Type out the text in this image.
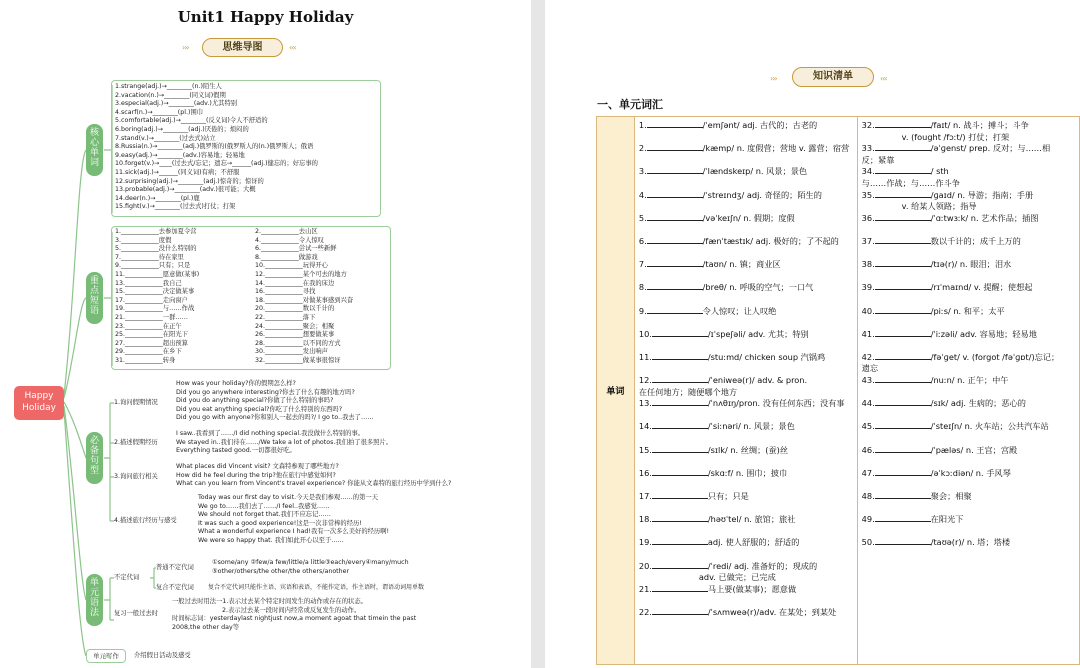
Unit1 Happy Holiday
›››	思维导图	‹‹‹
Happy Holiday
核心单词
重点短语
必备句型
单元语法
单元写作
1.strange(adj.)→________(n.)陌生人
2.vacation(n.)→________(同义词)假期
3.especial(adj.)→________(adv.)尤其特别
4.scarf(n.)→________(pl.)围巾
5.comfortable(adj.)→________(反义词)令人不舒适的
6.boring(adj.)→________(adj.)厌倦的；烦闷的
7.stand(v.)→________(过去式)站立
8.Russia(n.)→________(adj.)俄罗斯的(俄罗斯人的(n.)俄罗斯人；俄语
9.easy(adj.)→________(adv.)容易地；轻易地
10.forget(v.)→____(过去式/忘记；遗忘→______(adj.)健忘的；好忘事的
11.sick(adj.)→______(同义词)有病；不舒服
12.surprising(adj.)→________(adj.)惊奇的；惊讶的
13.probable(adj.)→________(adv.)很可能；大概
14.deer(n.)→________(pl.)鹿
15.fight(v.)→________(过去式)打仗；打架
1.____________去参加夏令营
3.____________度假
5.____________没什么特别的
7.____________待在家里
9.____________只有；只是
11.____________愿意做(某事)
13.____________我自己
15.____________决定做某事
17.____________走向窗户
19.____________与……作战
21.____________一群……
23.____________在正午
25.____________在阳光下
27.____________超出预算
29.____________在乡下
31.____________转身
2.____________去山区
4.____________令人惊叹
6.____________尝试一些新鲜
8.____________做游戏
10.____________玩得开心
12.____________某个可去的地方
14.____________在我的床边
16.____________寻找
18.____________对做某事感到兴奋
20.____________数以千计的
22.____________落下
24.____________聚会；相聚
26.____________想要做某事
28.____________以不同的方式
30.____________发出响声
32.____________做某事很惊讶
1.询问假期情况
How was your holiday?你的假期怎么样?
Did you go anywhere interesting?你去了什么有趣的地方吗?
Did you do anything special?你做了什么特别的事吗?
Did you eat anything special?你吃了什么特别的东西吗?
Did you go with anyone?你和别人一起去的吗?/ I go to..我去了……
2.描述假期经历
I saw..我看到了……/I did nothing special.我没做什么特别的事。
We stayed in..我们待在……/We take a lot of photos.我们拍了很多照片。
Everything tasted good.一切都很好吃。
3.询问旅行相关
What places did Vincent visit? 文森特参观了哪些地方?
How did he feel during the trip?他在旅行中感觉如何?
What can you learn from Vincent's travel experience? 你能从文森特的旅行经历中学到什么?
4.描述旅行经历与感受
Today was our first day to visit.今天是我们参观……的第一天
We go to……我们去了……/I feel..我感觉……
We should not forget that.我们不应忘记……
It was such a good experience!这是一次非常棒的经历!
What a wonderful experience I had!我有一次多么美好的经历啊!
We were so happy that. 我们如此开心以至于……
不定代词
普通不定代词
①some/any ②few/a few/little/a little③each/every④many/much
⑤other/others/the other/the others/another
复合不定代词 复合不定代词只能作主语、宾语和表语，不能作定语，作主语时，谓语动词用单数
复习一般过去时
一般过去时用法一1.表示过去某个特定时间发生的动作或存在的状态。
2.表示过去某一段时间内经常或反复发生的动作。
时间标志词：yesterdaylast nightjust now,a moment agoat that timein the past
2008,the other day等
介绍假日活动及感受
›››	知识清单	‹‹‹
一、单元词汇
单词	
1.	/ˈemʃənt/ adj. 古代的；古老的
2.	/kæmp/ n. 度假营；营地 v. 露营；宿营
3.	/ˈlændskeɪp/ n. 风景；景色
4.	/ˈstreɪndʒ/ adj. 奇怪的；陌生的
5.	/vəˈkeɪʃn/ n. 假期；度假
6.	/fænˈtæstɪk/ adj. 极好的；了不起的
7.	/taʊn/ n. 镇；商业区
8.	/breθ/ n. 呼吸的空气；一口气
9.	令人惊叹；让人叹绝
10.	/ɪˈspeʃəli/ adv. 尤其；特别
11.	/stuːmd/ chicken soup 汽锅鸡
12.	/ˈeniweə(r)/ adv. & pron.
在任何地方；随便哪个地方
13.	/ˈnʌθɪŋ/pron. 没有任何东西；没有事
14.	/ˈsiːnəri/ n. 风景；景色
15.	/sɪlk/ n. 丝绸；(蚕)丝
16.	/skɑːf/ n. 围巾；披巾
17.	只有；只是
18.	/həʊˈtel/ n. 旅馆；旅社
19.	adj. 使人舒服的；舒适的
20.	/ˈredi/ adj. 准备好的；现成的
adv. 已做完；已完成
21.	马上要(做某事)；愿意做
22.	/ˈsʌmweə(r)/adv. 在某处；到某处

32.	/faɪt/ n. 战斗；搏斗；斗争
v. (fought /fɔːt/) 打仗；打架
33.	/əˈɡenst/ prep. 反对；与……相
反；紧靠
34.	/ sth
与……作战；与……作斗争
35.	/ɡaɪd/ n. 导游；指南；手册
v. 给某人领路；指导
36.	/ˈɑːtwɜːk/ n. 艺术作品；插图
37.	数以千计的；成千上万的
38.	/tɪə(r)/ n. 眼泪；泪水
39.	/rɪˈmaɪnd/ v. 提醒；使想起
40.	/piːs/ n. 和平；太平
41.	/ˈiːzəli/ adv. 容易地；轻易地
42.	/fəˈɡet/ v. (forgot /fəˈɡɒt/)忘记；
遗忘
43.	/nuːn/ n. 正午；中午
44.	/sɪk/ adj. 生病的；恶心的
45.	/ˈsteɪʃn/ n. 火车站；公共汽车站
46.	/ˈpæləs/ n. 王宫；宫殿
47.	/əˈkɔːdiən/ n. 手风琴
48.	聚会；相聚
49.	在阳光下
50.	/taʊə(r)/ n. 塔；塔楼
